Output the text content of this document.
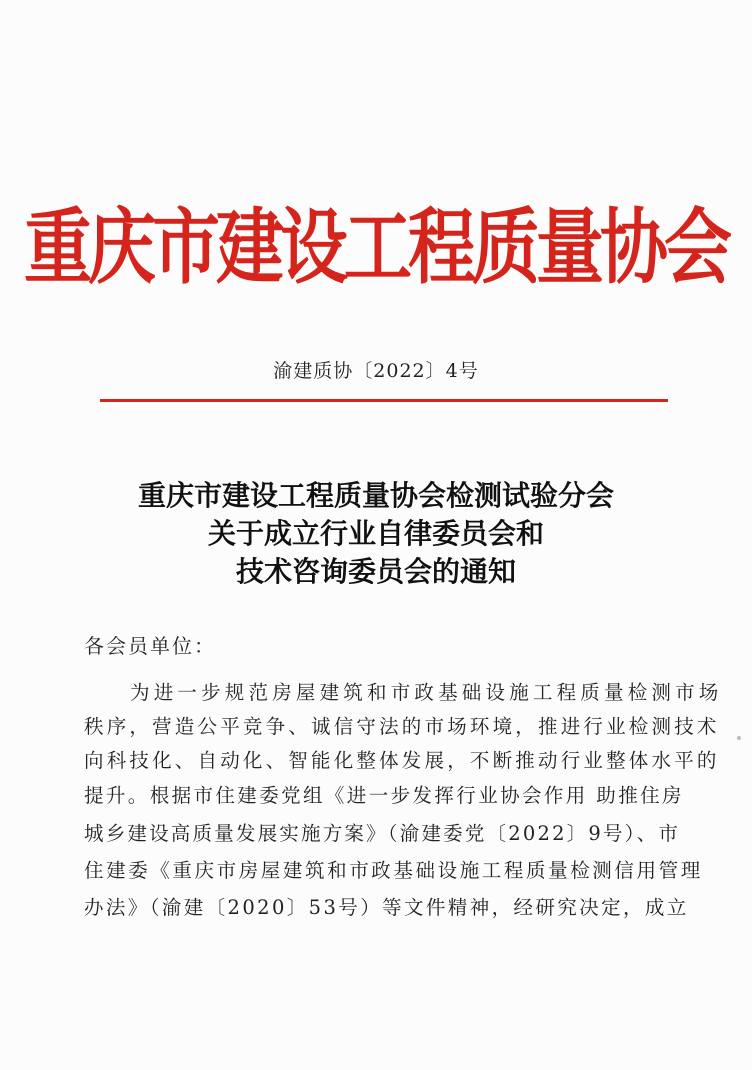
重庆市建设工程质量协会
渝建质协〔2022〕4号
重庆市建设工程质量协会检测试验分会
关于成立行业自律委员会和
技术咨询委员会的通知
各会员单位：
为进一步规范房屋建筑和市政基础设施工程质量检测市场
秩序，营造公平竞争、诚信守法的市场环境，推进行业检测技术
向科技化、自动化、智能化整体发展，不断推动行业整体水平的
提升。根据市住建委党组《进一步发挥行业协会作用 助推住房
城乡建设高质量发展实施方案》（渝建委党〔2022〕9号）、市
住建委《重庆市房屋建筑和市政基础设施工程质量检测信用管理
办法》（渝建〔2020〕53号）等文件精神，经研究决定，成立
